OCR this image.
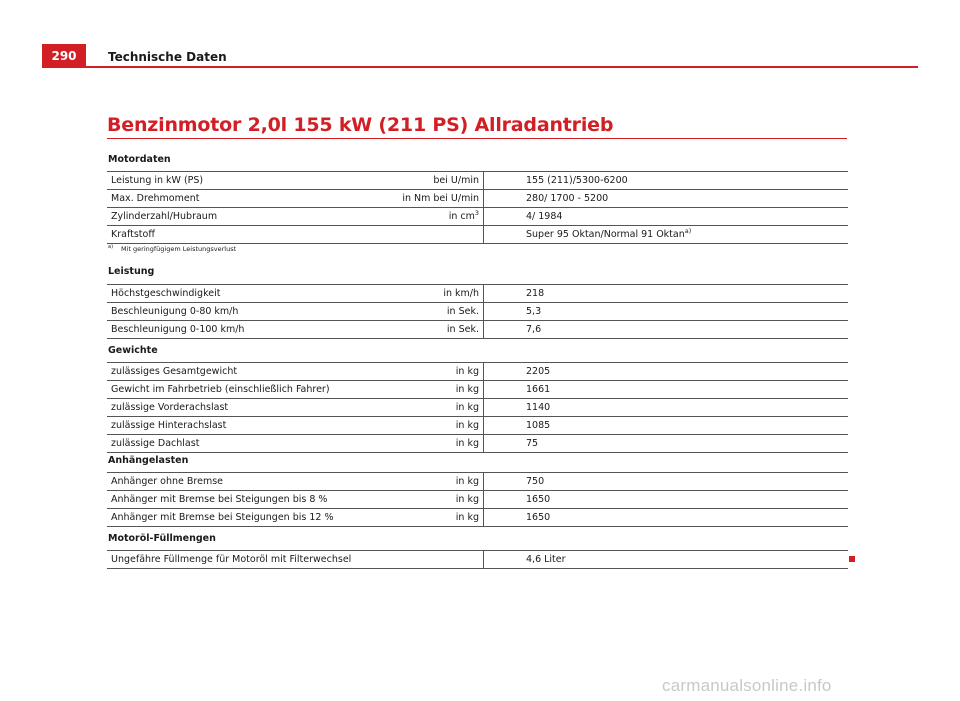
290	Technische Daten
Benzinmotor 2,0l 155 kW (211 PS) Allradantrieb
Motordaten
Leistung in kW (PS)	bei U/min	155 (211)/5300-6200
Max. Drehmoment	in Nm bei U/min	280/ 1700 - 5200
Zylinderzahl/Hubraum	in $cm^3$	4/ 1984
Kraftstoff		Super 95 Oktan/Normal 91 Oktan$^{a)}$
$^{a)}$ Mit geringfügigem Leistungsverlust
Leistung
Höchstgeschwindigkeit	in km/h	218
Beschleunigung 0-80 km/h	in Sek.	5,3
Beschleunigung 0-100 km/h	in Sek.	7,6
Gewichte
zulässiges Gesamtgewicht	in kg	2205
Gewicht im Fahrbetrieb (einschließlich Fahrer)	in kg	1661
zulässige Vorderachslast	in kg	1140
zulässige Hinterachslast	in kg	1085
zulässige Dachlast	in kg	75
Anhängelasten
Anhänger ohne Bremse	in kg	750
Anhänger mit Bremse bei Steigungen bis 8 %	in kg	1650
Anhänger mit Bremse bei Steigungen bis 12 %	in kg	1650
Motoröl-Füllmengen
Ungefähre Füllmenge für Motoröl mit Filterwechsel	4,6 Liter
carmanualsonline.info
